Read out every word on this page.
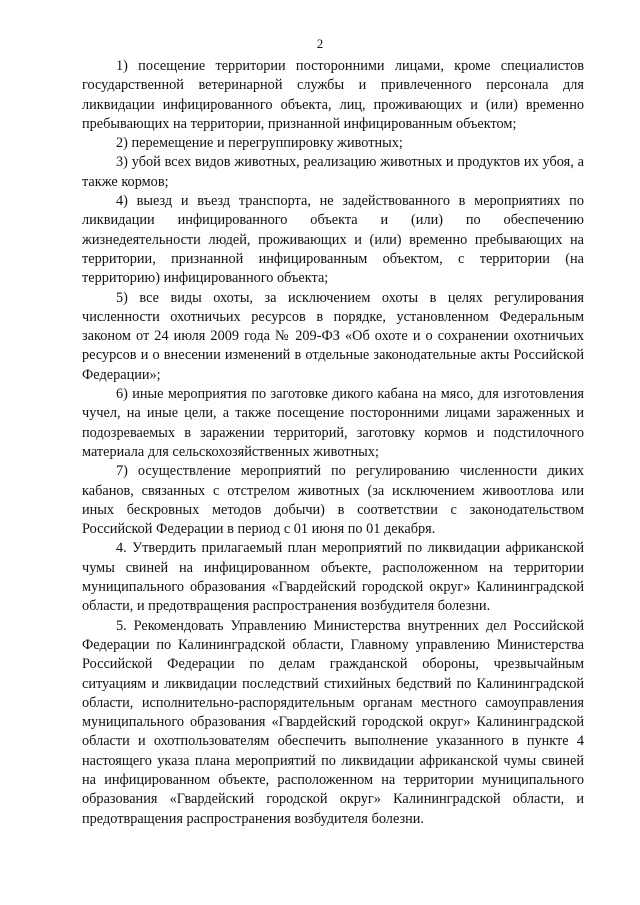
2

1) посещение территории посторонними лицами, кроме специалистов государственной ветеринарной службы и привлеченного персонала для ликвидации инфицированного объекта, лиц, проживающих и (или) временно пребывающих на территории, признанной инфицированным объектом;

2) перемещение и перегруппировку животных;

3) убой всех видов животных, реализацию животных и продуктов их убоя, а также кормов;

4) выезд и въезд транспорта, не задействованного в мероприятиях по ликвидации инфицированного объекта и (или) по обеспечению жизнедеятельности людей, проживающих и (или) временно пребывающих на территории, признанной инфицированным объектом, с территории (на территорию) инфицированного объекта;

5) все виды охоты, за исключением охоты в целях регулирования численности охотничьих ресурсов в порядке, установленном Федеральным законом от 24 июля 2009 года № 209-ФЗ «Об охоте и о сохранении охотничьих ресурсов и о внесении изменений в отдельные законодательные акты Российской Федерации»;

6) иные мероприятия по заготовке дикого кабана на мясо, для изготовления чучел, на иные цели, а также посещение посторонними лицами зараженных и подозреваемых в заражении территорий, заготовку кормов и подстилочного материала для сельскохозяйственных животных;

7) осуществление мероприятий по регулированию численности диких кабанов, связанных с отстрелом животных (за исключением живоотлова или иных бескровных методов добычи) в соответствии с законодательством Российской Федерации в период с 01 июня по 01 декабря.

4. Утвердить прилагаемый план мероприятий по ликвидации африканской чумы свиней на инфицированном объекте, расположенном на территории муниципального образования «Гвардейский городской округ» Калининградской области, и предотвращения распространения возбудителя болезни.

5. Рекомендовать Управлению Министерства внутренних дел Российской Федерации по Калининградской области, Главному управлению Министерства Российской Федерации по делам гражданской обороны, чрезвычайным ситуациям и ликвидации последствий стихийных бедствий по Калининградской области, исполнительно-распорядительным органам местного самоуправления муниципального образования «Гвардейский городской округ» Калининградской области и охотпользователям обеспечить выполнение указанного в пункте 4 настоящего указа плана мероприятий по ликвидации африканской чумы свиней на инфицированном объекте, расположенном на территории муниципального образования «Гвардейский городской округ» Калининградской области, и предотвращения распространения возбудителя болезни.
